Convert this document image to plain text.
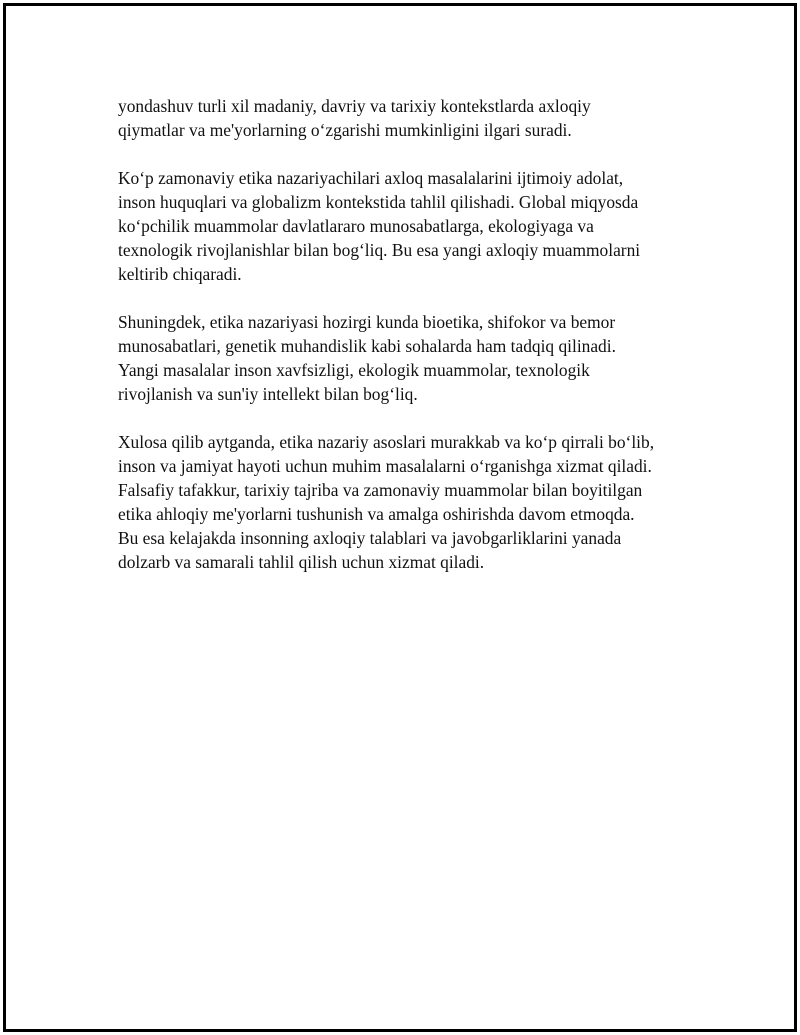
yondashuv turli xil madaniy, davriy va tarixiy kontekstlarda axloqiy
qiymatlar va me'yorlarning o‘zgarishi mumkinligini ilgari suradi.

Ko‘p zamonaviy etika nazariyachilari axloq masalalarini ijtimoiy adolat,
inson huquqlari va globalizm kontekstida tahlil qilishadi. Global miqyosda
ko‘pchilik muammolar davlatlararo munosabatlarga, ekologiyaga va
texnologik rivojlanishlar bilan bog‘liq. Bu esa yangi axloqiy muammolarni
keltirib chiqaradi.

Shuningdek, etika nazariyasi hozirgi kunda bioetika, shifokor va bemor
munosabatlari, genetik muhandislik kabi sohalarda ham tadqiq qilinadi.
Yangi masalalar inson xavfsizligi, ekologik muammolar, texnologik
rivojlanish va sun'iy intellekt bilan bog‘liq.

Xulosa qilib aytganda, etika nazariy asoslari murakkab va ko‘p qirrali bo‘lib,
inson va jamiyat hayoti uchun muhim masalalarni o‘rganishga xizmat qiladi.
Falsafiy tafakkur, tarixiy tajriba va zamonaviy muammolar bilan boyitilgan
etika ahloqiy me'yorlarni tushunish va amalga oshirishda davom etmoqda.
Bu esa kelajakda insonning axloqiy talablari va javobgarliklarini yanada
dolzarb va samarali tahlil qilish uchun xizmat qiladi.
